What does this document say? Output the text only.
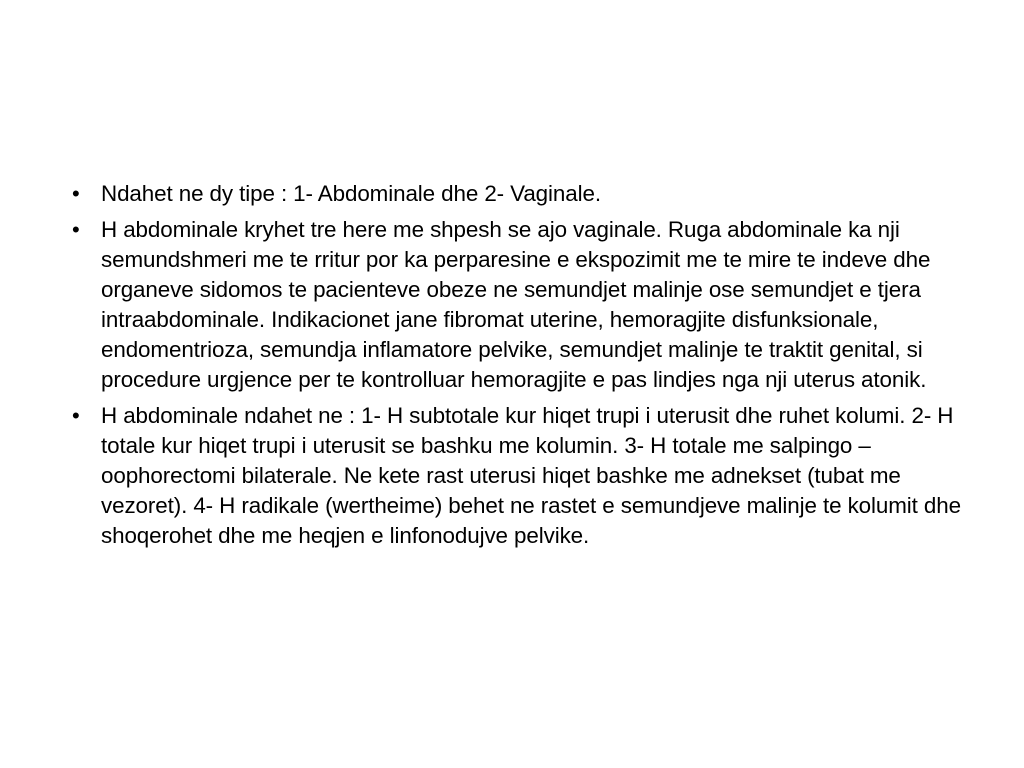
• Ndahet ne dy tipe : 1- Abdominale dhe 2- Vaginale.
• H abdominale kryhet tre here me shpesh se ajo vaginale. Ruga abdominale ka nji semundshmeri me te rritur por ka perparesine e ekspozimit me te mire te indeve dhe organeve sidomos te pacienteve obeze ne semundjet malinje ose semundjet e tjera intraabdominale. Indikacionet jane fibromat uterine, hemoragjite disfunksionale, endomentrioza, semundja inflamatore pelvike, semundjet malinje te traktit genital, si procedure urgjence per te kontrolluar hemoragjite e pas lindjes nga nji uterus atonik.
• H abdominale ndahet ne : 1- H subtotale kur hiqet trupi i uterusit dhe ruhet kolumi. 2- H totale kur hiqet trupi i uterusit se bashku me kolumin. 3- H totale me salpingo – oophorectomi bilaterale. Ne kete rast uterusi hiqet bashke me adnekset (tubat me vezoret). 4- H radikale (wertheime) behet ne rastet e semundjeve malinje te kolumit dhe shoqerohet dhe me heqjen e linfonodujve pelvike.
